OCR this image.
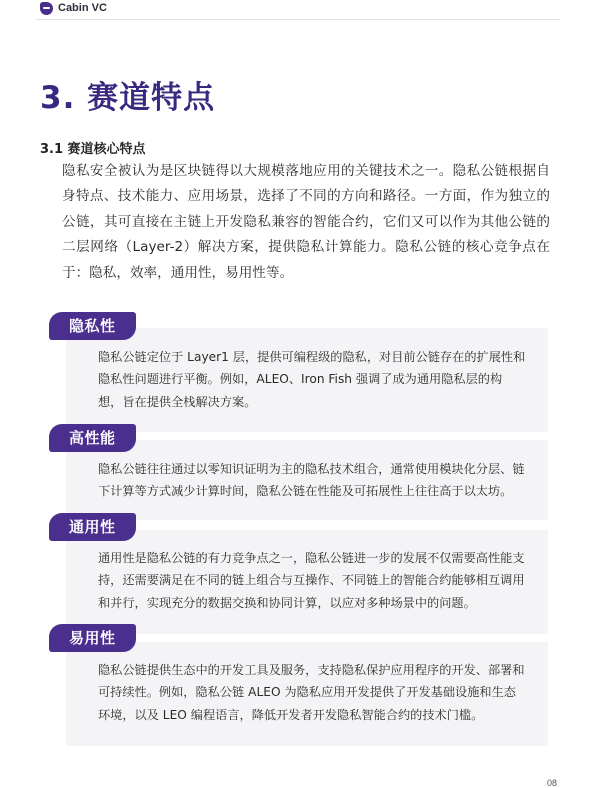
Cabin VC
3. 赛道特点
3.1 赛道核心特点

隐私安全被认为是区块链得以大规模落地应用的关键技术之一。隐私公链根据自身特点、技术能力、应用场景，选择了不同的方向和路径。一方面，作为独立的公链，其可直接在主链上开发隐私兼容的智能合约，它们又可以作为其他公链的二层网络（Layer-2）解决方案，提供隐私计算能力。隐私公链的核心竞争点在于：隐私，效率，通用性，易用性等。

隐私公链定位于 Layer1 层，提供可编程级的隐私，对目前公链存在的扩展性和隐私性问题进行平衡。例如，ALEO、Iron Fish 强调了成为通用隐私层的构想，旨在提供全栈解决方案。

隐私性

隐私公链往往通过以零知识证明为主的隐私技术组合，通常使用模块化分层、链下计算等方式减少计算时间，隐私公链在性能及可拓展性上往往高于以太坊。

高性能

通用性是隐私公链的有力竞争点之一，隐私公链进一步的发展不仅需要高性能支持，还需要满足在不同的链上组合与互操作、不同链上的智能合约能够相互调用和并行，实现充分的数据交换和协同计算，以应对多种场景中的问题。

通用性

隐私公链提供生态中的开发工具及服务，支持隐私保护应用程序的开发、部署和可持续性。例如，隐私公链 ALEO 为隐私应用开发提供了开发基础设施和生态环境，以及 LEO 编程语言，降低开发者开发隐私智能合约的技术门槛。

易用性
08
